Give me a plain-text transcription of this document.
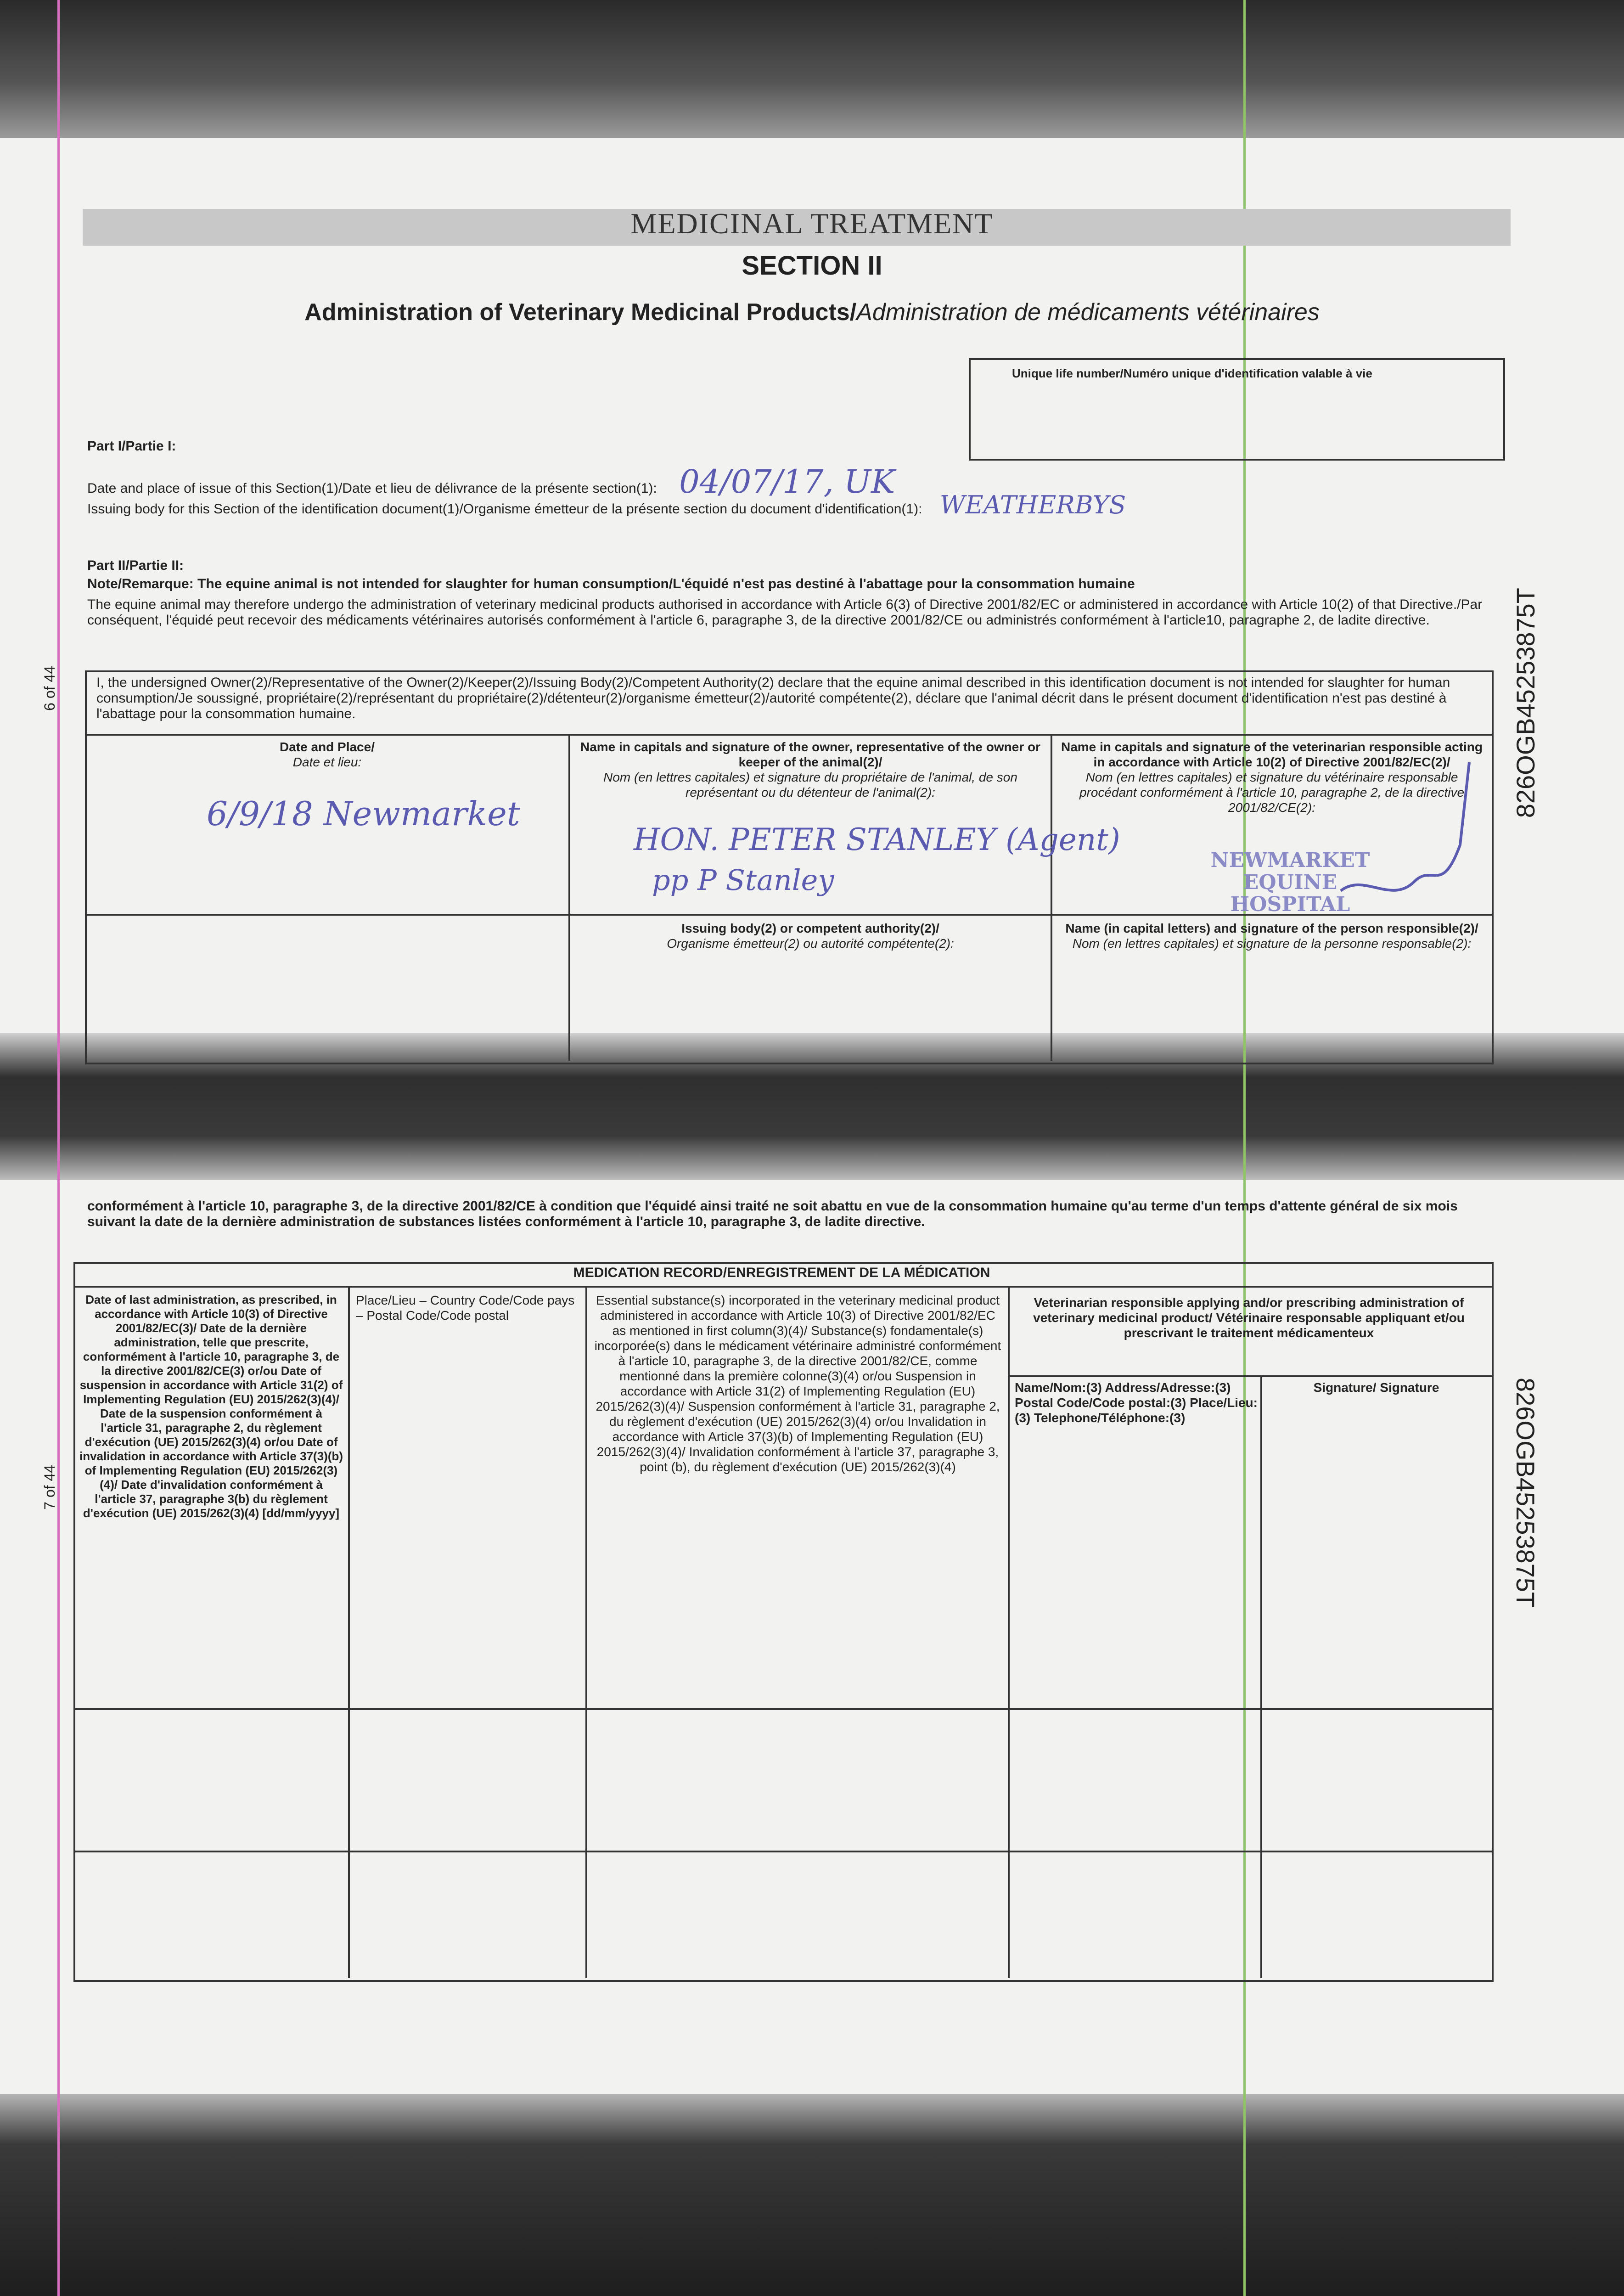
MEDICINAL TREATMENT
SECTION II
Administration of Veterinary Medicinal Products/Administration de médicaments vétérinaires
Unique life number/Numéro unique d'identification valable à vie
Part I/Partie I:
Date and place of issue of this Section(1)/Date et lieu de délivrance de la présente section(1): 04/07/17, UK
Issuing body for this Section of the identification document(1)/Organisme émetteur de la présente section du document d'identification(1): WEATHERBYS
Part II/Partie II:
Note/Remarque: The equine animal is not intended for slaughter for human consumption/L'équidé n'est pas destiné à l'abattage pour la consommation humaine
The equine animal may therefore undergo the administration of veterinary medicinal products authorised in accordance with Article 6(3) of Directive 2001/82/EC or administered in accordance with Article 10(2) of that Directive./Par conséquent, l'équidé peut recevoir des médicaments vétérinaires autorisés conformément à l'article 6, paragraphe 3, de la directive 2001/82/CE ou administrés conformément à l'article10, paragraphe 2, de ladite directive.
I, the undersigned Owner(2)/Representative of the Owner(2)/Keeper(2)/Issuing Body(2)/Competent Authority(2) declare that the equine animal described in this identification document is not intended for slaughter for human consumption/Je soussigné, propriétaire(2)/représentant du propriétaire(2)/détenteur(2)/organisme émetteur(2)/autorité compétente(2), déclare que l'animal décrit dans le présent document d'identification n'est pas destiné à l'abattage pour la consommation humaine.
Date and Place/
Date et lieu:
6/9/18 Newmarket
Name in capitals and signature of the owner, representative of the owner or keeper of the animal(2)/
Nom (en lettres capitales) et signature du propriétaire de l'animal, de son représentant ou du détenteur de l'animal(2):
HON. PETER STANLEY (Agent)
pp P Stanley
Name in capitals and signature of the veterinarian responsible acting in accordance with Article 10(2) of Directive 2001/82/EC(2)/
Nom (en lettres capitales) et signature du vétérinaire responsable procédant conformément à l'article 10, paragraphe 2, de la directive 2001/82/CE(2):
NEWMARKET EQUINE HOSPITAL
Issuing body(2) or competent authority(2)/
Organisme émetteur(2) ou autorité compétente(2):
Name (in capital letters) and signature of the person responsible(2)/
Nom (en lettres capitales) et signature de la personne responsable(2):
conformément à l'article 10, paragraphe 3, de la directive 2001/82/CE à condition que l'équidé ainsi traité ne soit abattu en vue de la consommation humaine qu'au terme d'un temps d'attente général de six mois suivant la date de la dernière administration de substances listées conformément à l'article 10, paragraphe 3, de ladite directive.
MEDICATION RECORD/ENREGISTREMENT DE LA MÉDICATION
Date of last administration, as prescribed, in accordance with Article 10(3) of Directive 2001/82/EC(3)/ Date de la dernière administration, telle que prescrite, conformément à l'article 10, paragraphe 3, de la directive 2001/82/CE(3) or/ou Date of suspension in accordance with Article 31(2) of Implementing Regulation (EU) 2015/262(3)(4)/ Date de la suspension conformément à l'article 31, paragraphe 2, du règlement d'exécution (UE) 2015/262(3)(4) or/ou Date of invalidation in accordance with Article 37(3)(b) of Implementing Regulation (EU) 2015/262(3)(4)/ Date d'invalidation conformément à l'article 37, paragraphe 3(b) du règlement d'exécution (UE) 2015/262(3)(4) [dd/mm/yyyy]
Place/Lieu – Country Code/Code pays – Postal Code/Code postal
Essential substance(s) incorporated in the veterinary medicinal product administered in accordance with Article 10(3) of Directive 2001/82/EC as mentioned in first column(3)(4)/ Substance(s) fondamentale(s) incorporée(s) dans le médicament vétérinaire administré conformément à l'article 10, paragraphe 3, de la directive 2001/82/CE, comme mentionné dans la première colonne(3)(4) or/ou Suspension in accordance with Article 31(2) of Implementing Regulation (EU) 2015/262(3)(4)/ Suspension conformément à l'article 31, paragraphe 2, du règlement d'exécution (UE) 2015/262(3)(4) or/ou Invalidation in accordance with Article 37(3)(b) of Implementing Regulation (EU) 2015/262(3)(4)/ Invalidation conformément à l'article 37, paragraphe 3, point (b), du règlement d'exécution (UE) 2015/262(3)(4)
Veterinarian responsible applying and/or prescribing administration of veterinary medicinal product/ Vétérinaire responsable appliquant et/ou prescrivant le traitement médicamenteux
Name/Nom:(3) Address/Adresse:(3) Postal Code/Code postal:(3) Place/Lieu:(3) Telephone/Téléphone:(3)
Signature/ Signature
6 of 44
7 of 44
826OGB45253875T
826OGB45253875T
